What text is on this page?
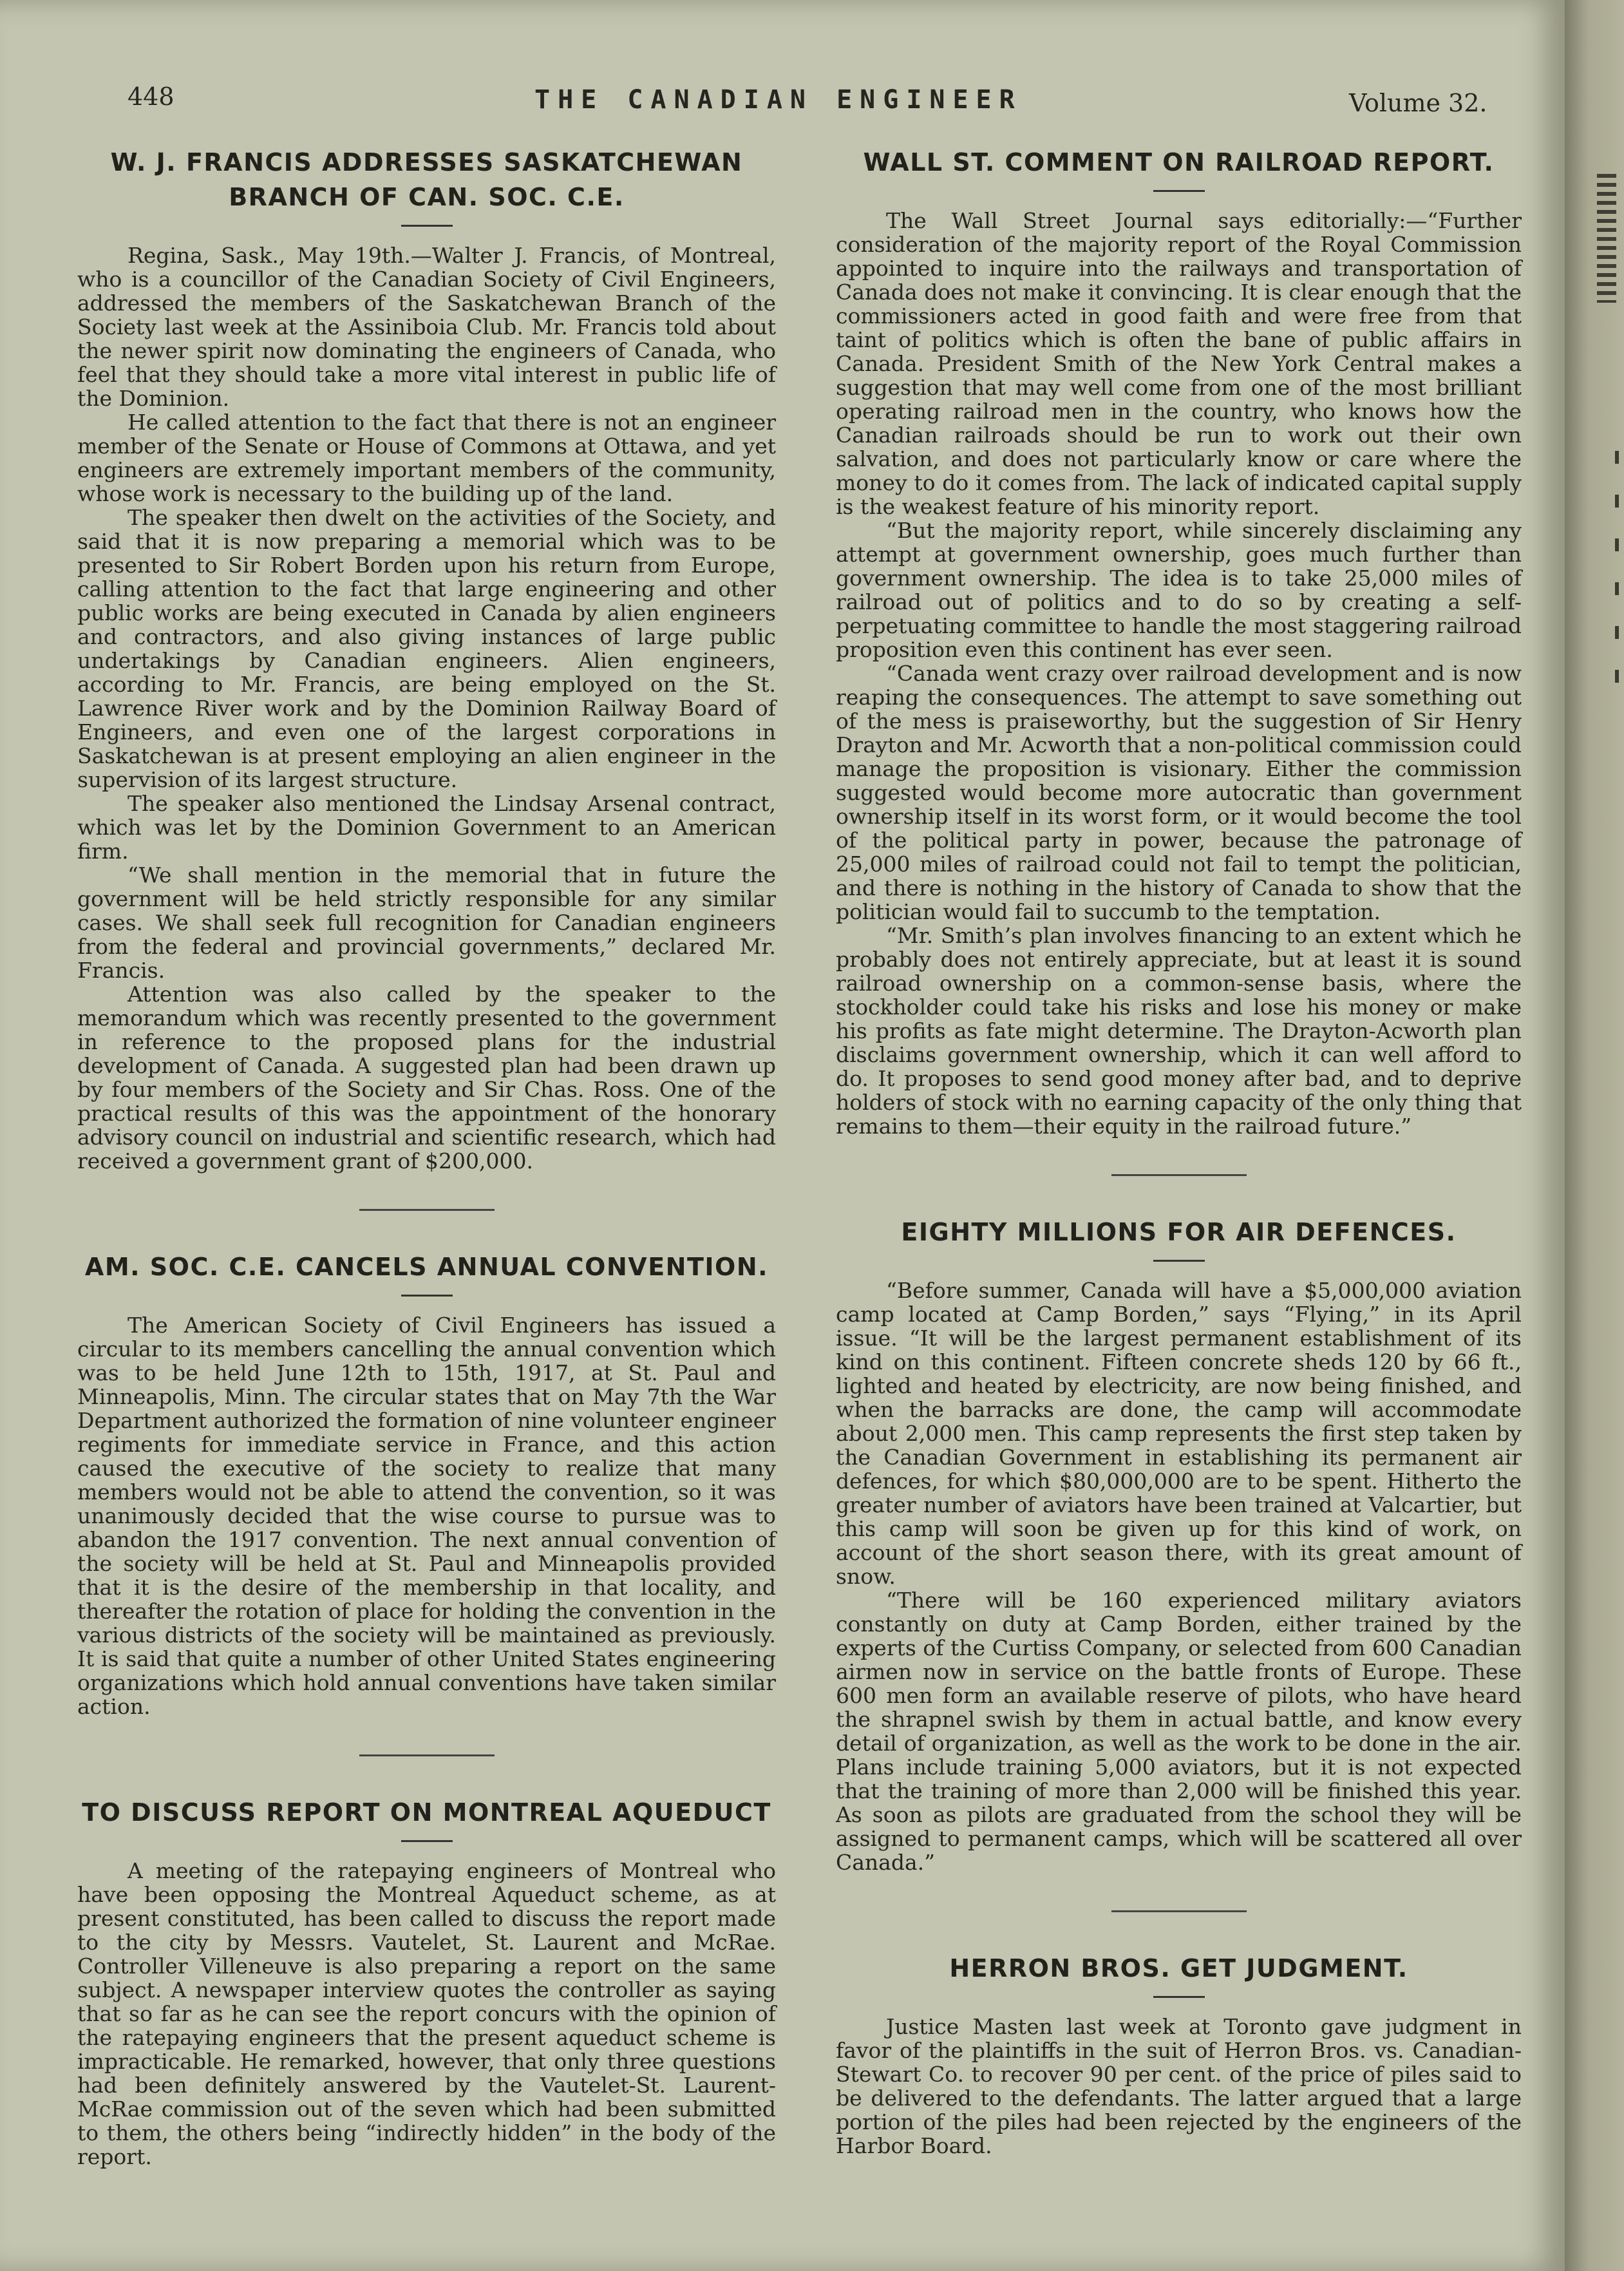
448	THE CANADIAN ENGINEER	Volume 32.
W. J. FRANCIS ADDRESSES SASKATCHEWAN BRANCH OF CAN. SOC. C.E.

Regina, Sask., May 19th.—Walter J. Francis, of Montreal, who is a councillor of the Canadian Society of Civil Engineers, addressed the members of the Saskatchewan Branch of the Society last week at the Assiniboia Club. Mr. Francis told about the newer spirit now dominating the engineers of Canada, who feel that they should take a more vital interest in public life of the Dominion.

He called attention to the fact that there is not an engineer member of the Senate or House of Commons at Ottawa, and yet engineers are extremely important members of the community, whose work is necessary to the building up of the land.

The speaker then dwelt on the activities of the Society, and said that it is now preparing a memorial which was to be presented to Sir Robert Borden upon his return from Europe, calling attention to the fact that large engineering and other public works are being executed in Canada by alien engineers and contractors, and also giving instances of large public undertakings by Canadian engineers. Alien engineers, according to Mr. Francis, are being employed on the St. Lawrence River work and by the Dominion Railway Board of Engineers, and even one of the largest corporations in Saskatchewan is at present employing an alien engineer in the supervision of its largest structure.

The speaker also mentioned the Lindsay Arsenal contract, which was let by the Dominion Government to an American firm.

“We shall mention in the memorial that in future the government will be held strictly responsible for any similar cases. We shall seek full recognition for Canadian engineers from the federal and provincial governments,” declared Mr. Francis.

Attention was also called by the speaker to the memorandum which was recently presented to the government in reference to the proposed plans for the industrial development of Canada. A suggested plan had been drawn up by four members of the Society and Sir Chas. Ross. One of the practical results of this was the appointment of the honorary advisory council on industrial and scientific research, which had received a government grant of $200,000.

AM. SOC. C.E. CANCELS ANNUAL CONVENTION.

The American Society of Civil Engineers has issued a circular to its members cancelling the annual convention which was to be held June 12th to 15th, 1917, at St. Paul and Minneapolis, Minn. The circular states that on May 7th the War Department authorized the formation of nine volunteer engineer regiments for immediate service in France, and this action caused the executive of the society to realize that many members would not be able to attend the convention, so it was unanimously decided that the wise course to pursue was to abandon the 1917 convention. The next annual convention of the society will be held at St. Paul and Minneapolis provided that it is the desire of the membership in that locality, and thereafter the rotation of place for holding the convention in the various districts of the society will be maintained as previously. It is said that quite a number of other United States engineering organizations which hold annual conventions have taken similar action.

TO DISCUSS REPORT ON MONTREAL AQUEDUCT

A meeting of the ratepaying engineers of Montreal who have been opposing the Montreal Aqueduct scheme, as at present constituted, has been called to discuss the report made to the city by Messrs. Vautelet, St. Laurent and McRae. Controller Villeneuve is also preparing a report on the same subject. A newspaper interview quotes the controller as saying that so far as he can see the report concurs with the opinion of the ratepaying engineers that the present aqueduct scheme is impracticable. He remarked, however, that only three questions had been definitely answered by the Vautelet-St. Laurent-McRae commission out of the seven which had been submitted to them, the others being “indirectly hidden” in the body of the report.

WALL ST. COMMENT ON RAILROAD REPORT.

The Wall Street Journal says editorially:—“Further consideration of the majority report of the Royal Commission appointed to inquire into the railways and transportation of Canada does not make it convincing. It is clear enough that the commissioners acted in good faith and were free from that taint of politics which is often the bane of public affairs in Canada. President Smith of the New York Central makes a suggestion that may well come from one of the most brilliant operating railroad men in the country, who knows how the Canadian railroads should be run to work out their own salvation, and does not particularly know or care where the money to do it comes from. The lack of indicated capital supply is the weakest feature of his minority report.

“But the majority report, while sincerely disclaiming any attempt at government ownership, goes much further than government ownership. The idea is to take 25,000 miles of railroad out of politics and to do so by creating a self-perpetuating committee to handle the most staggering railroad proposition even this continent has ever seen.

“Canada went crazy over railroad development and is now reaping the consequences. The attempt to save something out of the mess is praiseworthy, but the suggestion of Sir Henry Drayton and Mr. Acworth that a non-political commission could manage the proposition is visionary. Either the commission suggested would become more autocratic than government ownership itself in its worst form, or it would become the tool of the political party in power, because the patronage of 25,000 miles of railroad could not fail to tempt the politician, and there is nothing in the history of Canada to show that the politician would fail to succumb to the temptation.

“Mr. Smith’s plan involves financing to an extent which he probably does not entirely appreciate, but at least it is sound railroad ownership on a common-sense basis, where the stockholder could take his risks and lose his money or make his profits as fate might determine. The Drayton-Acworth plan disclaims government ownership, which it can well afford to do. It proposes to send good money after bad, and to deprive holders of stock with no earning capacity of the only thing that remains to them—their equity in the railroad future.”

EIGHTY MILLIONS FOR AIR DEFENCES.

“Before summer, Canada will have a $5,000,000 aviation camp located at Camp Borden,” says “Flying,” in its April issue. “It will be the largest permanent establishment of its kind on this continent. Fifteen concrete sheds 120 by 66 ft., lighted and heated by electricity, are now being finished, and when the barracks are done, the camp will accommodate about 2,000 men. This camp represents the first step taken by the Canadian Government in establishing its permanent air defences, for which $80,000,000 are to be spent. Hitherto the greater number of aviators have been trained at Valcartier, but this camp will soon be given up for this kind of work, on account of the short season there, with its great amount of snow.

“There will be 160 experienced military aviators constantly on duty at Camp Borden, either trained by the experts of the Curtiss Company, or selected from 600 Canadian airmen now in service on the battle fronts of Europe. These 600 men form an available reserve of pilots, who have heard the shrapnel swish by them in actual battle, and know every detail of organization, as well as the work to be done in the air. Plans include training 5,000 aviators, but it is not expected that the training of more than 2,000 will be finished this year. As soon as pilots are graduated from the school they will be assigned to permanent camps, which will be scattered all over Canada.”

HERRON BROS. GET JUDGMENT.

Justice Masten last week at Toronto gave judgment in favor of the plaintiffs in the suit of Herron Bros. vs. Canadian-Stewart Co. to recover 90 per cent. of the price of piles said to be delivered to the defendants. The latter argued that a large portion of the piles had been rejected by the engineers of the Harbor Board.
